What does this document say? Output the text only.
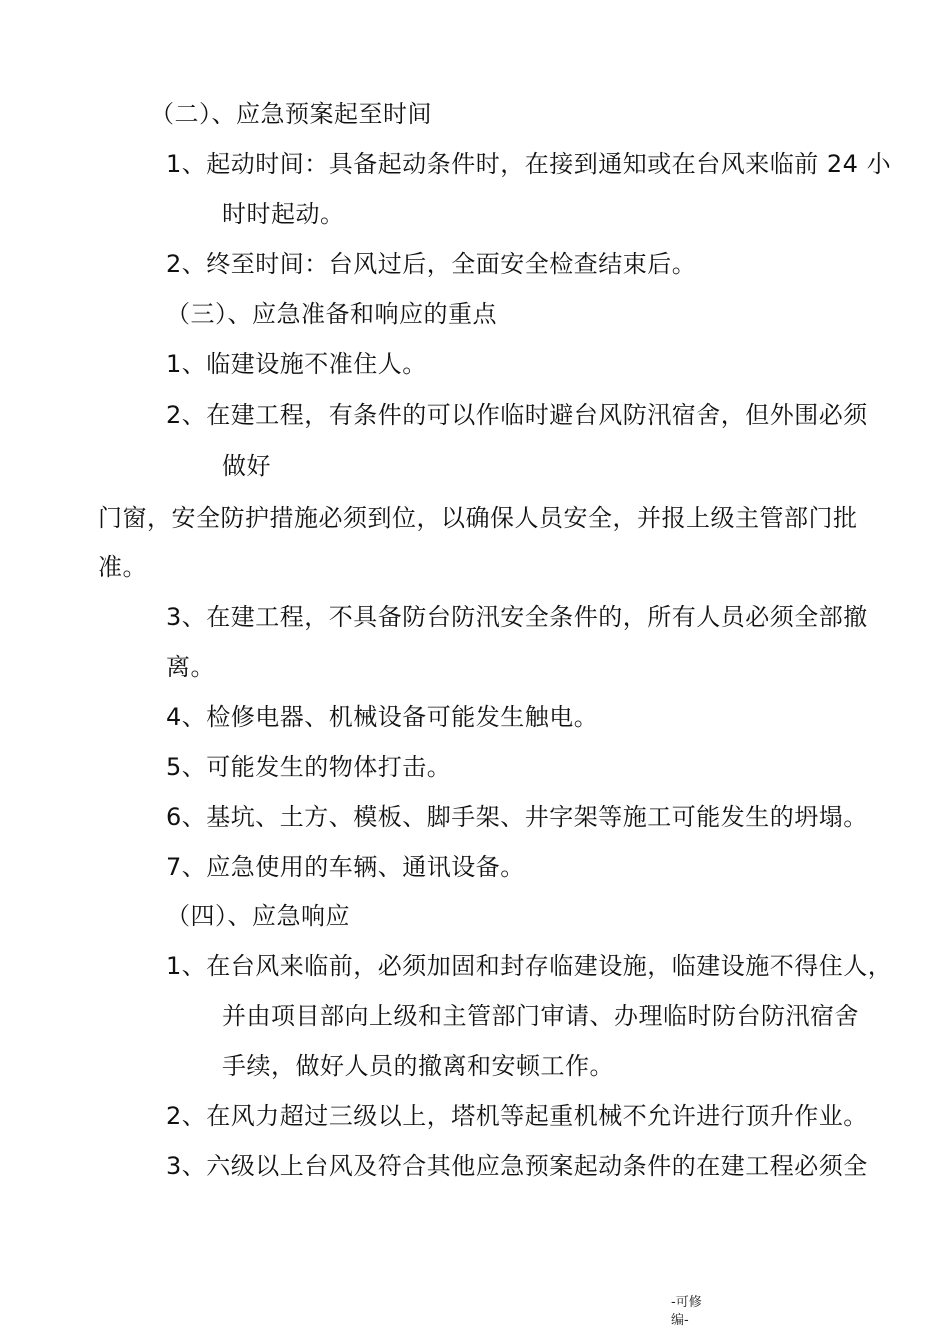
（二）、应急预案起至时间
1、起动时间：具备起动条件时，在接到通知或在台风来临前 24 小
时时起动。
2、终至时间：台风过后，全面安全检查结束后。
（三）、应急准备和响应的重点
1、临建设施不准住人。
2、在建工程，有条件的可以作临时避台风防汛宿舍，但外围必须
做好
门窗，安全防护措施必须到位，以确保人员安全，并报上级主管部门批
准。
3、在建工程，不具备防台防汛安全条件的，所有人员必须全部撤
离。
4、检修电器、机械设备可能发生触电。
5、可能发生的物体打击。
6、基坑、土方、模板、脚手架、井字架等施工可能发生的坍塌。
7、应急使用的车辆、通讯设备。
（四）、应急响应
1、在台风来临前，必须加固和封存临建设施，临建设施不得住人，
并由项目部向上级和主管部门审请、办理临时防台防汛宿舍
手续，做好人员的撤离和安顿工作。
2、在风力超过三级以上，塔机等起重机械不允许进行顶升作业。
3、六级以上台风及符合其他应急预案起动条件的在建工程必须全
-可修
编-
